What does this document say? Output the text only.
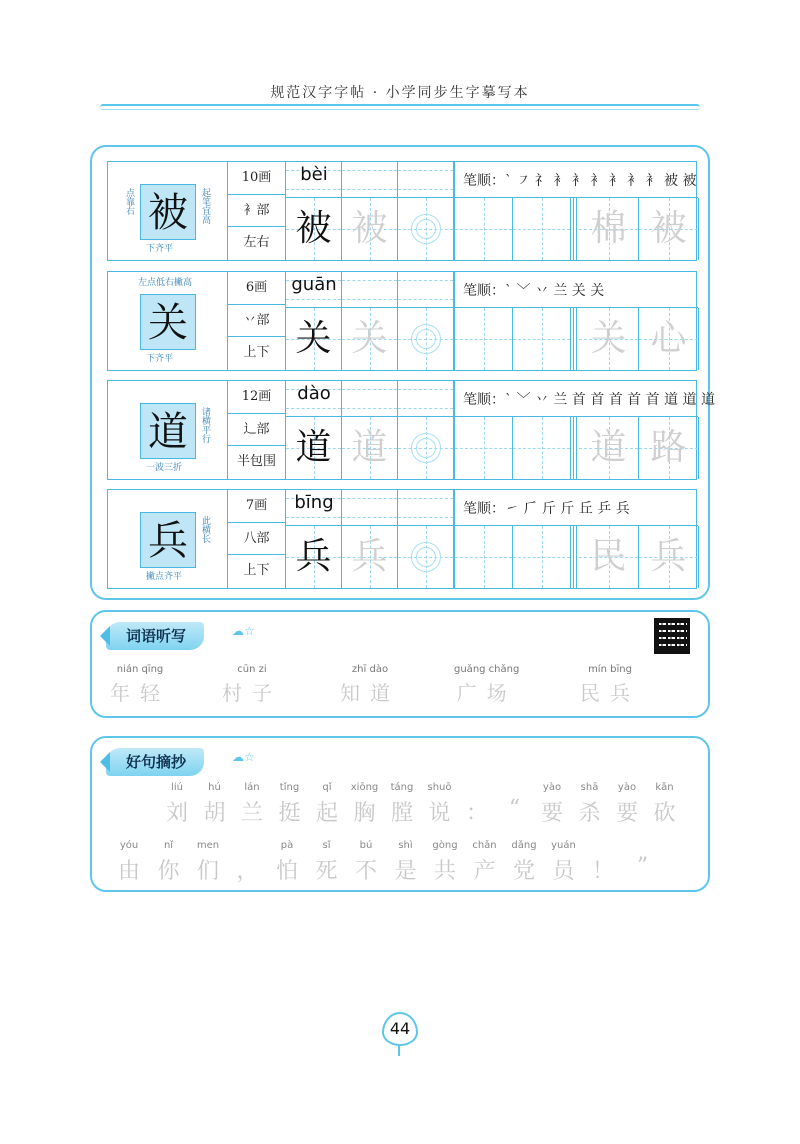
规范汉字字帖 · 小学同步生字摹写本
被
点靠右	起笔宜高
下齐平
10画
衤部
左右
bèi
被 被
笔顺：` ㇇ 礻 衤 衤 衤 衤 衤 衤 被 被
棉 被
关
左点低右撇高
下齐平
6画
丷部
上下
guān
关 关
笔顺：` ﹀ 丷 兰 关 关
关 心
道	诸横平行
一波三折
12画
辶部
半包围
dào
道 道
笔顺：` ﹀ 丷 兰 首 首 首 首 首 道 道 道
道 路
兵	此横长
撇点齐平
7画
八部
上下
bīng
兵 兵
笔顺：㇀ 𠂆 斤 斤 丘 乒 兵
民 兵
词语听写	☁☆
nián qīng
年轻
cūn zi
村子
zhī dào
知道
guǎng chǎng
广场
mín bīng
民兵
好句摘抄	☁☆
liú
刘
hú
胡
lán
兰
tǐng
挺
qǐ
起
xiōng
胸
táng
膛
shuō
说 ： “
yào
要
shā
杀
yào
要
kǎn
砍
yóu
由
nǐ
你
men
们 ，
pà
怕
sǐ
死
bú
不
shì
是
gòng
共
chǎn
产
dǎng
党
yuán
员 ！	”
44
